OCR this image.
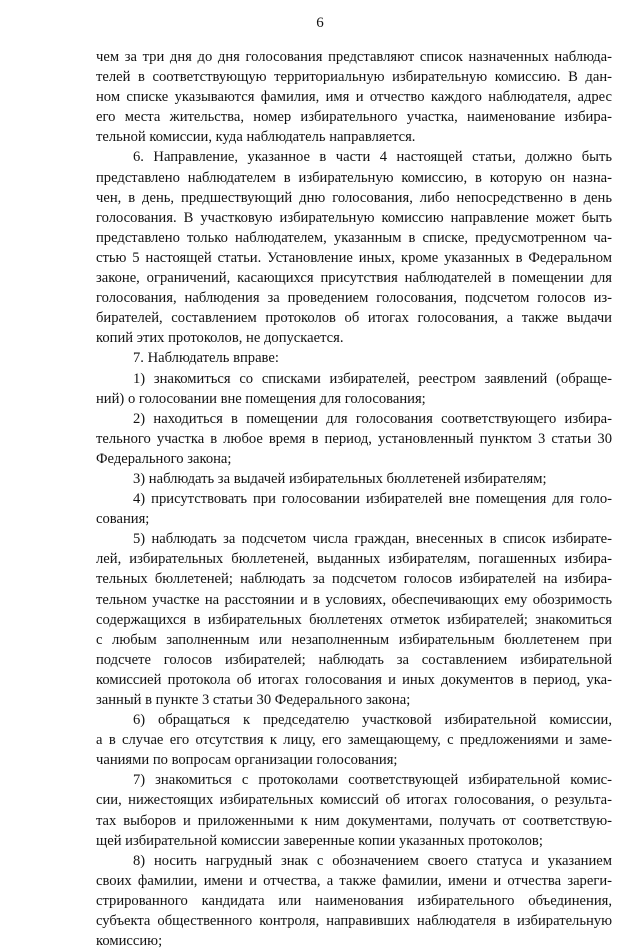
6
чем за три дня до дня голосования представляют список назначенных наблюда-
телей в соответствующую территориальную избирательную комиссию. В дан-
ном списке указываются фамилия, имя и отчество каждого наблюдателя, адрес
его места жительства, номер избирательного участка, наименование избира-
тельной комиссии, куда наблюдатель направляется.
6. Направление, указанное в части 4 настоящей статьи, должно быть
представлено наблюдателем в избирательную комиссию, в которую он назна-
чен, в день, предшествующий дню голосования, либо непосредственно в день
голосования. В участковую избирательную комиссию направление может быть
представлено только наблюдателем, указанным в списке, предусмотренном ча-
стью 5 настоящей статьи. Установление иных, кроме указанных в Федеральном
законе, ограничений, касающихся присутствия наблюдателей в помещении для
голосования, наблюдения за проведением голосования, подсчетом голосов из-
бирателей, составлением протоколов об итогах голосования, а также выдачи
копий этих протоколов, не допускается.
7. Наблюдатель вправе:
1) знакомиться со списками избирателей, реестром заявлений (обраще-
ний) о голосовании вне помещения для голосования;
2) находиться в помещении для голосования соответствующего избира-
тельного участка в любое время в период, установленный пунктом 3 статьи 30
Федерального закона;
3) наблюдать за выдачей избирательных бюллетеней избирателям;
4) присутствовать при голосовании избирателей вне помещения для голо-
сования;
5) наблюдать за подсчетом числа граждан, внесенных в список избирате-
лей, избирательных бюллетеней, выданных избирателям, погашенных избира-
тельных бюллетеней; наблюдать за подсчетом голосов избирателей на избира-
тельном участке на расстоянии и в условиях, обеспечивающих ему обозримость
содержащихся в избирательных бюллетенях отметок избирателей; знакомиться
с любым заполненным или незаполненным избирательным бюллетенем при
подсчете голосов избирателей; наблюдать за составлением избирательной
комиссией протокола об итогах голосования и иных документов в период, ука-
занный в пункте 3 статьи 30 Федерального закона;
6) обращаться к председателю участковой избирательной комиссии,
а в случае его отсутствия к лицу, его замещающему, с предложениями и заме-
чаниями по вопросам организации голосования;
7) знакомиться с протоколами соответствующей избирательной комис-
сии, нижестоящих избирательных комиссий об итогах голосования, о результа-
тах выборов и приложенными к ним документами, получать от соответствую-
щей избирательной комиссии заверенные копии указанных протоколов;
8) носить нагрудный знак с обозначением своего статуса и указанием
своих фамилии, имени и отчества, а также фамилии, имени и отчества зареги-
стрированного кандидата или наименования избирательного объединения,
субъекта общественного контроля, направивших наблюдателя в избирательную
комиссию;
